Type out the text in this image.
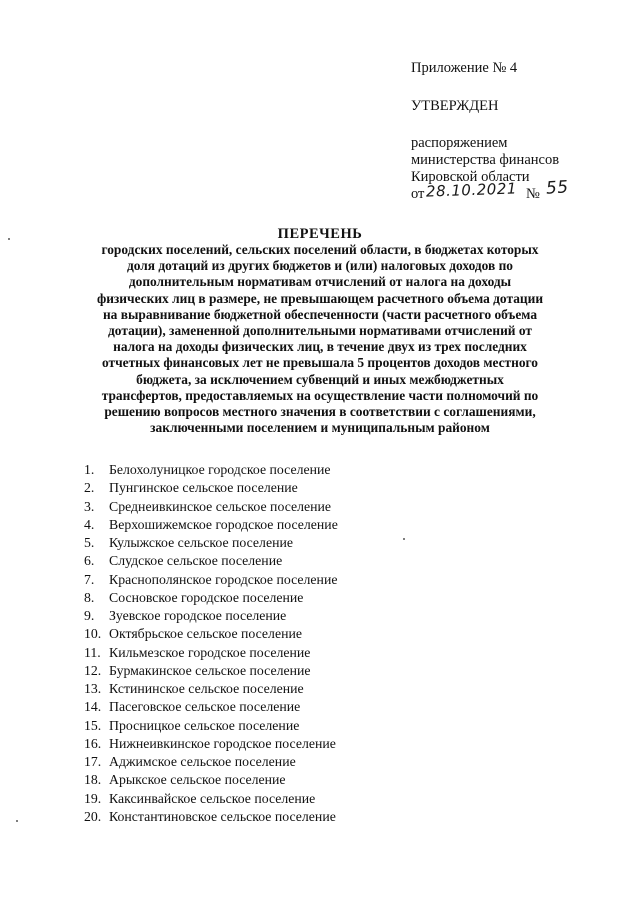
Приложение № 4
УТВЕРЖДЕН
распоряжением
министерства финансов
Кировской области
от 28.10.2021 № 55
ПЕРЕЧЕНЬ
городских поселений, сельских поселений области, в бюджетах которых доля дотаций из других бюджетов и (или) налоговых доходов по дополнительным нормативам отчислений от налога на доходы физических лиц в размере, не превышающем расчетного объема дотации на выравнивание бюджетной обеспеченности (части расчетного объема дотации), замененной дополнительными нормативами отчислений от налога на доходы физических лиц, в течение двух из трех последних отчетных финансовых лет не превышала 5 процентов доходов местного бюджета, за исключением субвенций и иных межбюджетных трансфертов, предоставляемых на осуществление части полномочий по решению вопросов местного значения в соответствии с соглашениями, заключенными поселением и муниципальным районом
1.	Белохолуницкое городское поселение
2.	Пунгинское сельское поселение
3.	Среднеивкинское сельское поселение
4.	Верхошижемское городское поселение
5.	Кулыжское сельское поселение
6.	Слудское сельское поселение
7.	Краснополянское городское поселение
8.	Сосновское городское поселение
9.	Зуевское городское поселение
10. Октябрьское сельское поселение
11. Кильмезское городское поселение
12. Бурмакинское сельское поселение
13. Кстининское сельское поселение
14. Пасеговское сельское поселение
15. Просницкое сельское поселение
16. Нижнеивкинское городское поселение
17. Аджимское сельское поселение
18. Арыкское сельское поселение
19. Каксинвайское сельское поселение
20. Константиновское сельское поселение
